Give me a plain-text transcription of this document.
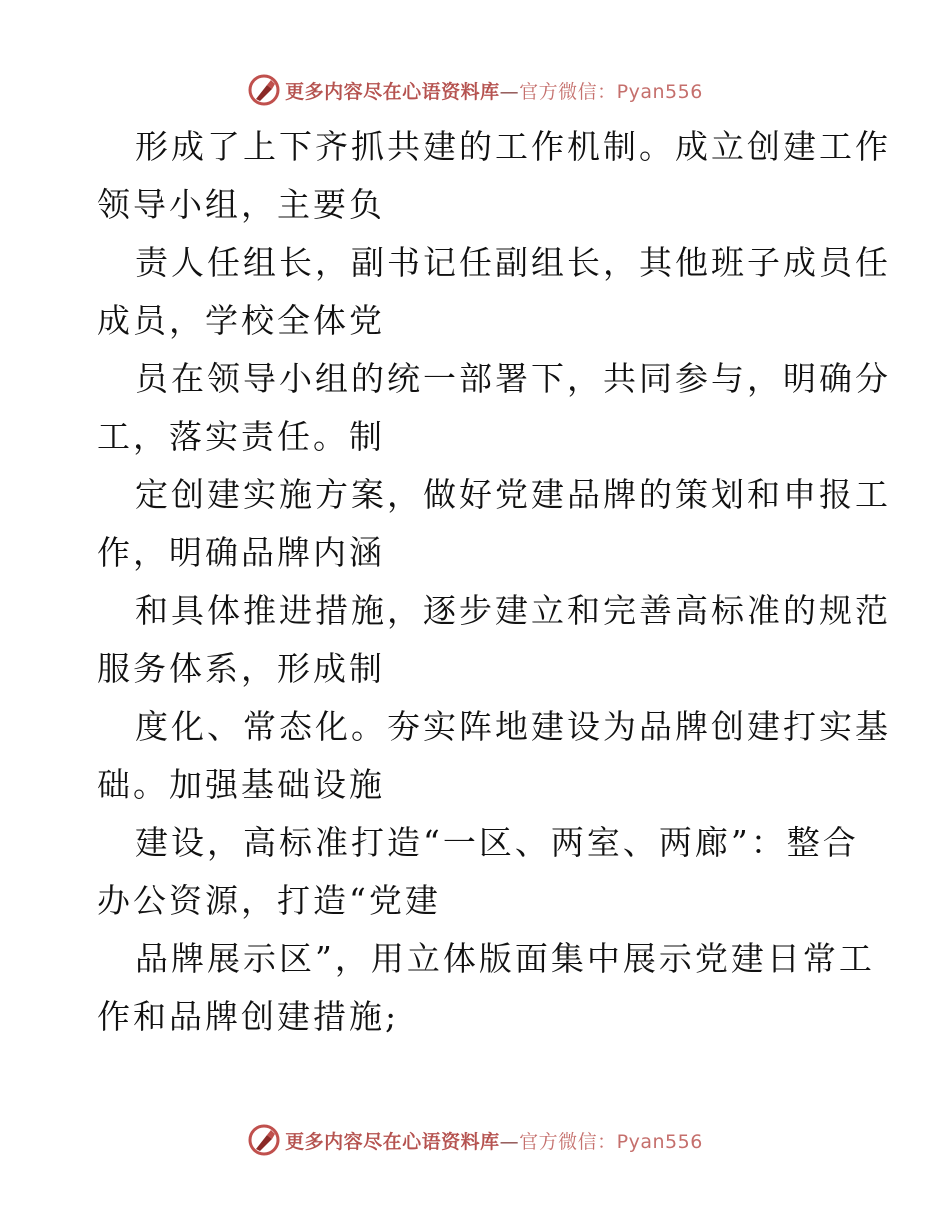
更多内容尽在心语资料库—官方微信：Pyan556

形成了上下齐抓共建的工作机制。成立创建工作
领导小组，主要负

责人任组长，副书记任副组长，其他班子成员任
成员，学校全体党

员在领导小组的统一部署下，共同参与，明确分
工，落实责任。制

定创建实施方案，做好党建品牌的策划和申报工
作，明确品牌内涵

和具体推进措施，逐步建立和完善高标准的规范
服务体系，形成制

度化、常态化。夯实阵地建设为品牌创建打实基
础。加强基础设施

建设，高标准打造“一区、两室、两廊”：整合
办公资源，打造“党建

品牌展示区”，用立体版面集中展示党建日常工
作和品牌创建措施;

更多内容尽在心语资料库—官方微信：Pyan556
